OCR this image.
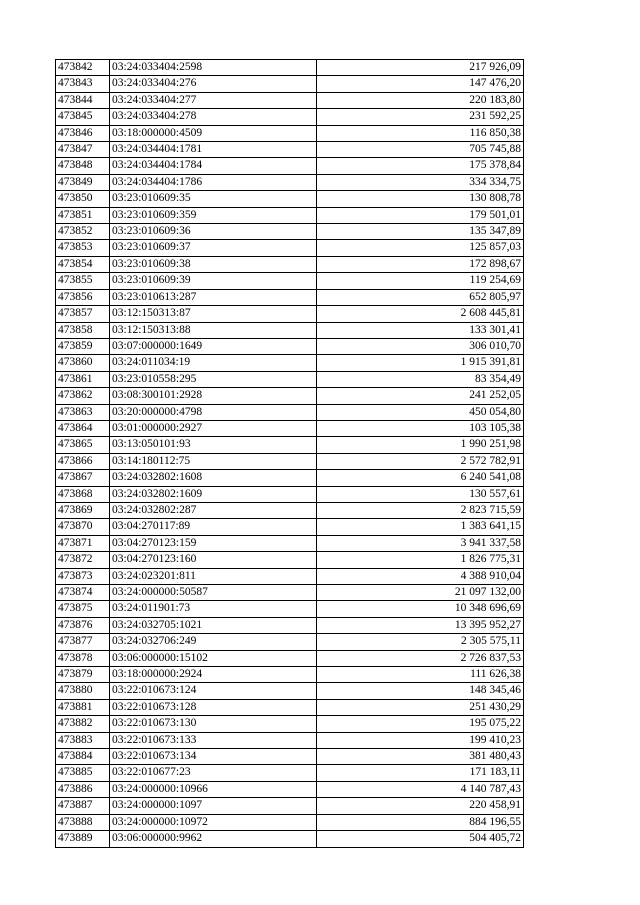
473842	03:24:033404:2598	217 926,09
473843	03:24:033404:276	147 476,20
473844	03:24:033404:277	220 183,80
473845	03:24:033404:278	231 592,25
473846	03:18:000000:4509	116 850,38
473847	03:24:034404:1781	705 745,88
473848	03:24:034404:1784	175 378,84
473849	03:24:034404:1786	334 334,75
473850	03:23:010609:35	130 808,78
473851	03:23:010609:359	179 501,01
473852	03:23:010609:36	135 347,89
473853	03:23:010609:37	125 857,03
473854	03:23:010609:38	172 898,67
473855	03:23:010609:39	119 254,69
473856	03:23:010613:287	652 805,97
473857	03:12:150313:87	2 608 445,81
473858	03:12:150313:88	133 301,41
473859	03:07:000000:1649	306 010,70
473860	03:24:011034:19	1 915 391,81
473861	03:23:010558:295	83 354,49
473862	03:08:300101:2928	241 252,05
473863	03:20:000000:4798	450 054,80
473864	03:01:000000:2927	103 105,38
473865	03:13:050101:93	1 990 251,98
473866	03:14:180112:75	2 572 782,91
473867	03:24:032802:1608	6 240 541,08
473868	03:24:032802:1609	130 557,61
473869	03:24:032802:287	2 823 715,59
473870	03:04:270117:89	1 383 641,15
473871	03:04:270123:159	3 941 337,58
473872	03:04:270123:160	1 826 775,31
473873	03:24:023201:811	4 388 910,04
473874	03:24:000000:50587	21 097 132,00
473875	03:24:011901:73	10 348 696,69
473876	03:24:032705:1021	13 395 952,27
473877	03:24:032706:249	2 305 575,11
473878	03:06:000000:15102	2 726 837,53
473879	03:18:000000:2924	111 626,38
473880	03:22:010673:124	148 345,46
473881	03:22:010673:128	251 430,29
473882	03:22:010673:130	195 075,22
473883	03:22:010673:133	199 410,23
473884	03:22:010673:134	381 480,43
473885	03:22:010677:23	171 183,11
473886	03:24:000000:10966	4 140 787,43
473887	03:24:000000:1097	220 458,91
473888	03:24:000000:10972	884 196,55
473889	03:06:000000:9962	504 405,72
